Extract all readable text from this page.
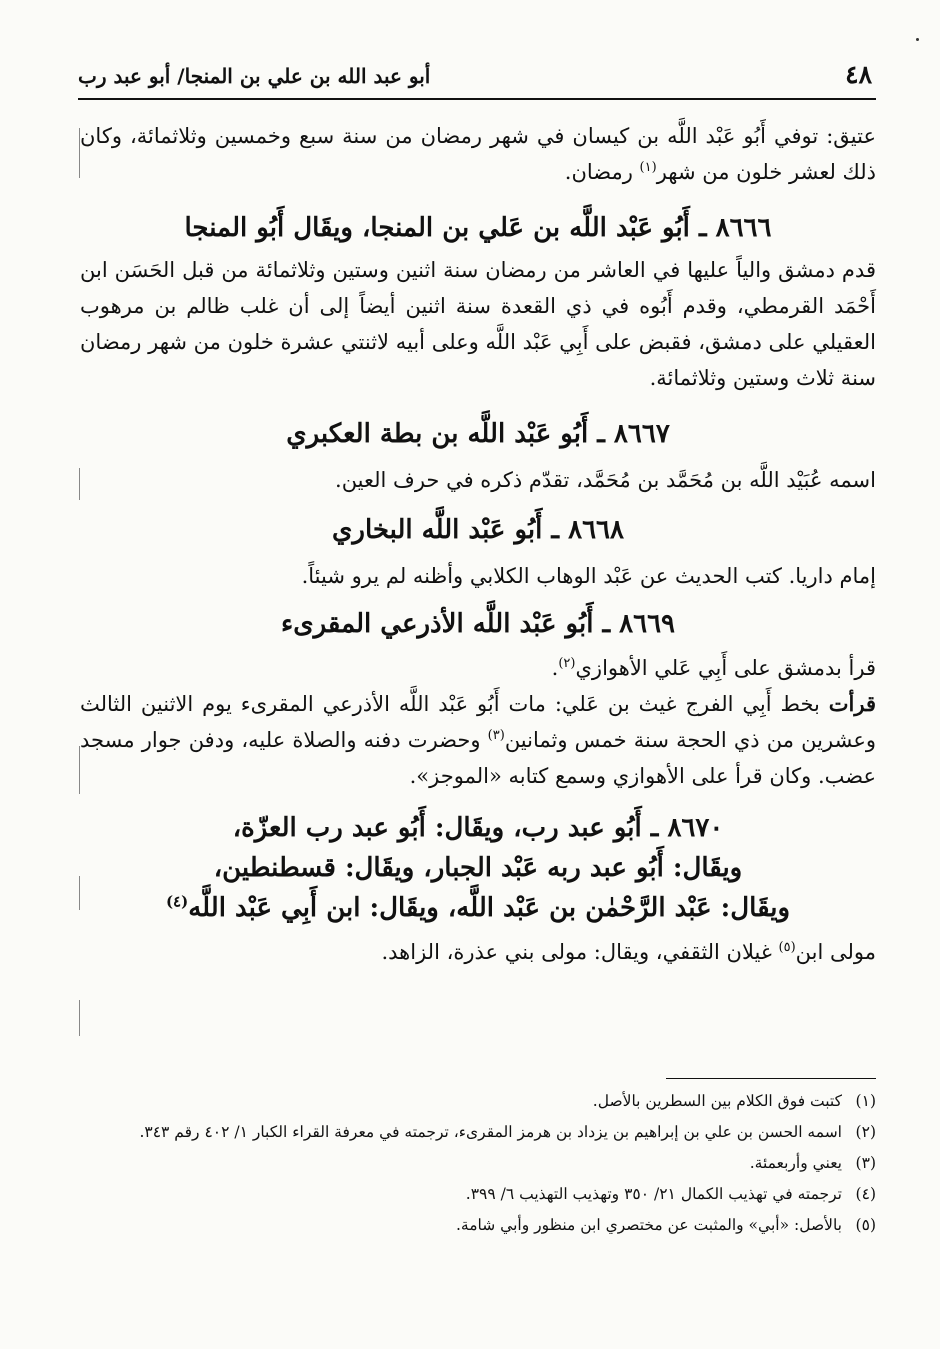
٤٨
أبو عبد الله بن علي بن المنجا/ أبو عبد رب

عتيق: توفي أَبُو عَبْد اللَّه بن كيسان في شهر رمضان من سنة سبع وخمسين وثلاثمائة، وكان ذلك لعشر خلون من شهر$^{(١)}$ رمضان.

٨٦٦٦ ـ أَبُو عَبْد اللَّه بن عَلي بن المنجا، ويقَال أَبُو المنجا

قدم دمشق والياً عليها في العاشر من رمضان سنة اثنين وستين وثلاثمائة من قبل الحَسَن ابن أَحْمَد القرمطي، وقدم أَبُوه في ذي القعدة سنة اثنين أيضاً إلى أن غلب ظالم بن مرهوب العقيلي على دمشق، فقبض على أَبِي عَبْد اللَّه وعلى أبيه لاثنتي عشرة خلون من شهر رمضان سنة ثلاث وستين وثلاثمائة.

٨٦٦٧ ـ أَبُو عَبْد اللَّه بن بطة العكبري

اسمه عُبَيْد اللَّه بن مُحَمَّد بن مُحَمَّد، تقدّم ذكره في حرف العين.

٨٦٦٨ ـ أَبُو عَبْد اللَّه البخاري

إمام داريا. كتب الحديث عن عَبْد الوهاب الكلابي وأظنه لم يرو شيئاً.

٨٦٦٩ ـ أَبُو عَبْد اللَّه الأذرعي المقرىء

قرأ بدمشق على أَبِي عَلي الأهوازي$^{(٢)}$.

قرأت بخط أَبِي الفرج غيث بن عَلي: مات أَبُو عَبْد اللَّه الأذرعي المقرىء يوم الاثنين الثالث وعشرين من ذي الحجة سنة خمس وثمانين$^{(٣)}$ وحضرت دفنه والصلاة عليه، ودفن جوار مسجد عضب. وكان قرأ على الأهوازي وسمع كتابه «الموجز».

٨٦٧٠ ـ أَبُو عبد رب، ويقَال: أَبُو عبد رب العزّة،
ويقَال: أَبُو عبد ربه عَبْد الجبار، ويقَال: قسطنطين،
ويقَال: عَبْد الرَّحْمٰن بن عَبْد اللَّه، ويقَال: ابن أَبِي عَبْد اللَّه$^{(٤)}$

مولى ابن$^{(٥)}$ غيلان الثقفي، ويقال: مولى بني عذرة، الزاهد.

(١)كتبت فوق الكلام بين السطرين بالأصل.

(٢)اسمه الحسن بن علي بن إبراهيم بن يزداد بن هرمز المقرىء، ترجمته في معرفة القراء الكبار ١/ ٤٠٢ رقم ٣٤٣.

(٣)يعني وأربعمئة.

(٤)ترجمته في تهذيب الكمال ٢١/ ٣٥٠ وتهذيب التهذيب ٦/ ٣٩٩.

(٥)بالأصل: «أبي» والمثبت عن مختصري ابن منظور وأبي شامة.
